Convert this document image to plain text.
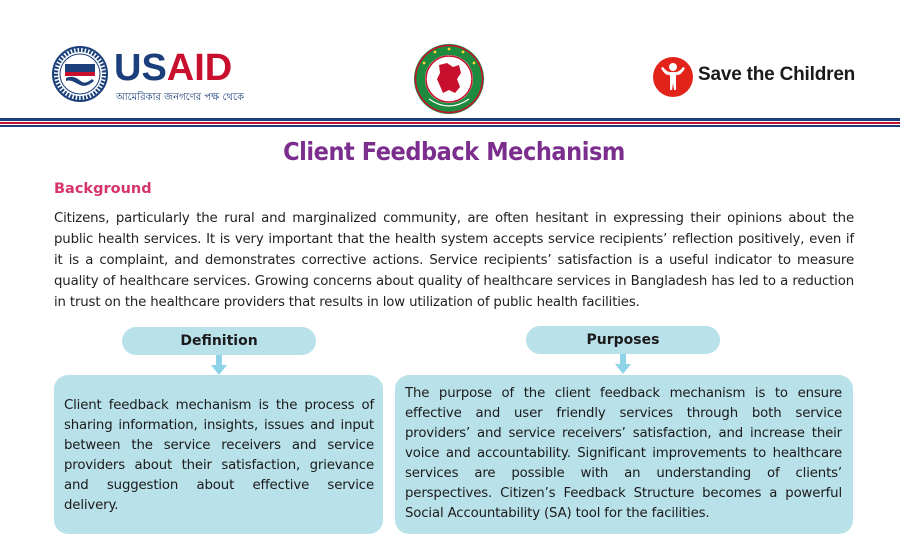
USAID
আমেরিকার জনগণের পক্ষ থেকে
Save the Children
Client Feedback Mechanism
Background
Citizens, particularly the rural and marginalized community, are often hesitant in expressing their opinions about the public health services. It is very important that the health system accepts service recipients’ reflection positively, even if it is a complaint, and demonstrates corrective actions. Service recipients’ satisfaction is a useful indicator to measure quality of healthcare services. Growing concerns about quality of healthcare services in Bangladesh has led to a reduction in trust on the healthcare providers that results in low utilization of public health facilities.
Definition
Client feedback mechanism is the process of sharing information, insights, issues and input between the service receivers and service providers about their satisfaction, grievance and suggestion about effective service delivery.
Purposes
The purpose of the client feedback mechanism is to ensure effective and user friendly services through both service providers’ and service receivers’ satisfaction, and increase their voice and accountability. Significant improvements to healthcare services are possible with an understanding of clients’ perspectives. Citizen’s Feedback Structure becomes a powerful Social Accountability (SA) tool for the facilities.
